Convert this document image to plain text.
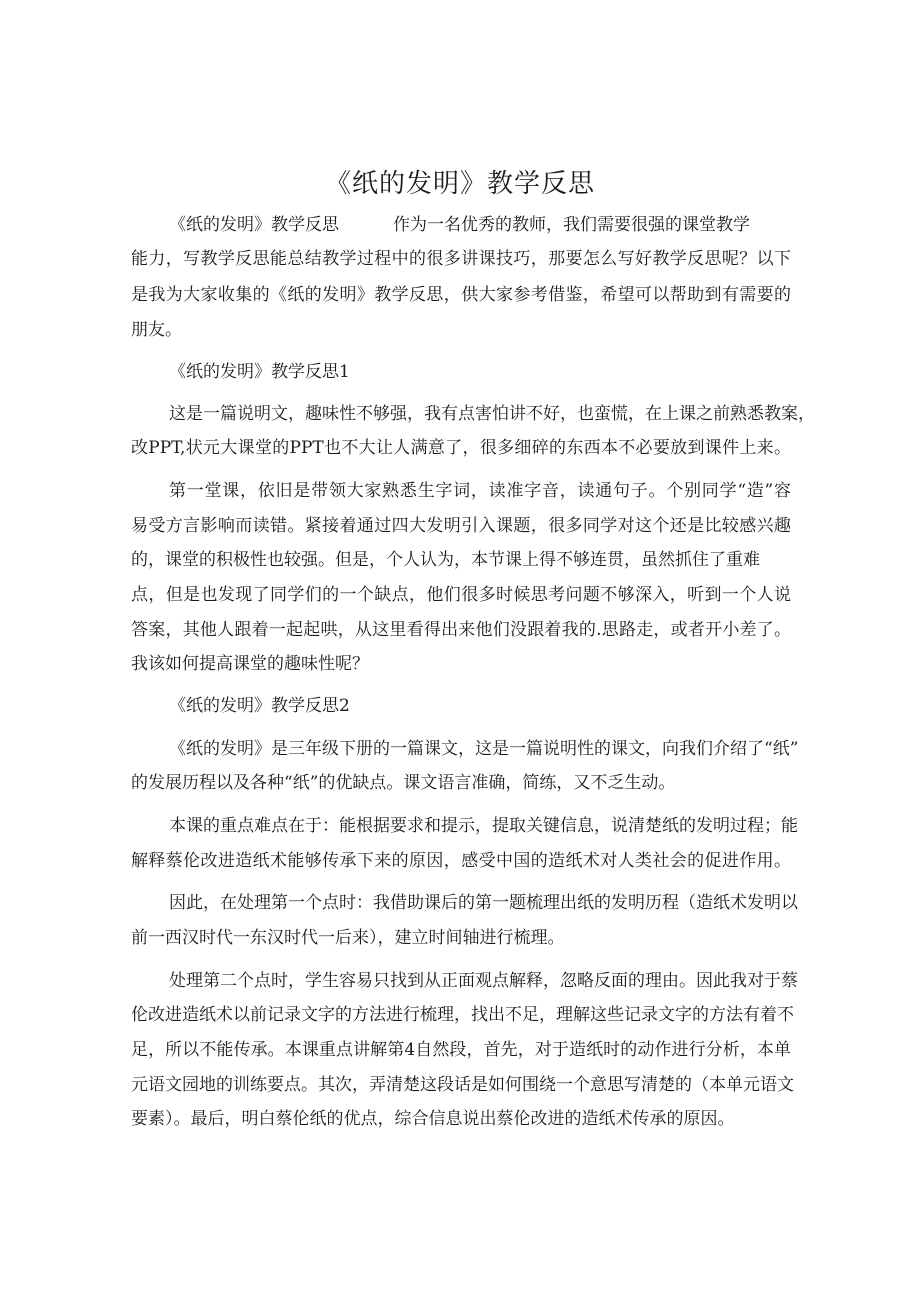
《纸的发明》教学反思

《纸的发明》教学反思	作为一名优秀的教师，我们需要很强的课堂教学

能力，写教学反思能总结教学过程中的很多讲课技巧，那要怎么写好教学反思呢？以下

是我为大家收集的《纸的发明》教学反思，供大家参考借鉴，希望可以帮助到有需要的

朋友。

《纸的发明》教学反思1

这是一篇说明文，趣味性不够强，我有点害怕讲不好，也蛮慌，在上课之前熟悉教案，

改PPT,状元大课堂的PPT也不大让人满意了，很多细碎的东西本不必要放到课件上来。

第一堂课，依旧是带领大家熟悉生字词，读准字音，读通句子。个别同学“造”容

易受方言影响而读错。紧接着通过四大发明引入课题，很多同学对这个还是比较感兴趣

的，课堂的积极性也较强。但是，个人认为，本节课上得不够连贯，虽然抓住了重难

点，但是也发现了同学们的一个缺点，他们很多时候思考问题不够深入，听到一个人说

答案，其他人跟着一起起哄，从这里看得出来他们没跟着我的.思路走，或者开小差了。

我该如何提高课堂的趣味性呢？

《纸的发明》教学反思2

《纸的发明》是三年级下册的一篇课文，这是一篇说明性的课文，向我们介绍了“纸”

的发展历程以及各种“纸”的优缺点。课文语言准确，简练，又不乏生动。

本课的重点难点在于：能根据要求和提示，提取关键信息，说清楚纸的发明过程；能

解释蔡伦改进造纸术能够传承下来的原因，感受中国的造纸术对人类社会的促进作用。

因此，在处理第一个点时：我借助课后的第一题梳理出纸的发明历程（造纸术发明以

前一西汉时代一东汉时代一后来），建立时间轴进行梳理。

处理第二个点时，学生容易只找到从正面观点解释，忽略反面的理由。因此我对于蔡

伦改进造纸术以前记录文字的方法进行梳理，找出不足，理解这些记录文字的方法有着不

足，所以不能传承。本课重点讲解第4自然段，首先，对于造纸时的动作进行分析，本单

元语文园地的训练要点。其次，弄清楚这段话是如何围绕一个意思写清楚的（本单元语文

要素）。最后，明白蔡伦纸的优点，综合信息说出蔡伦改进的造纸术传承的原因。
